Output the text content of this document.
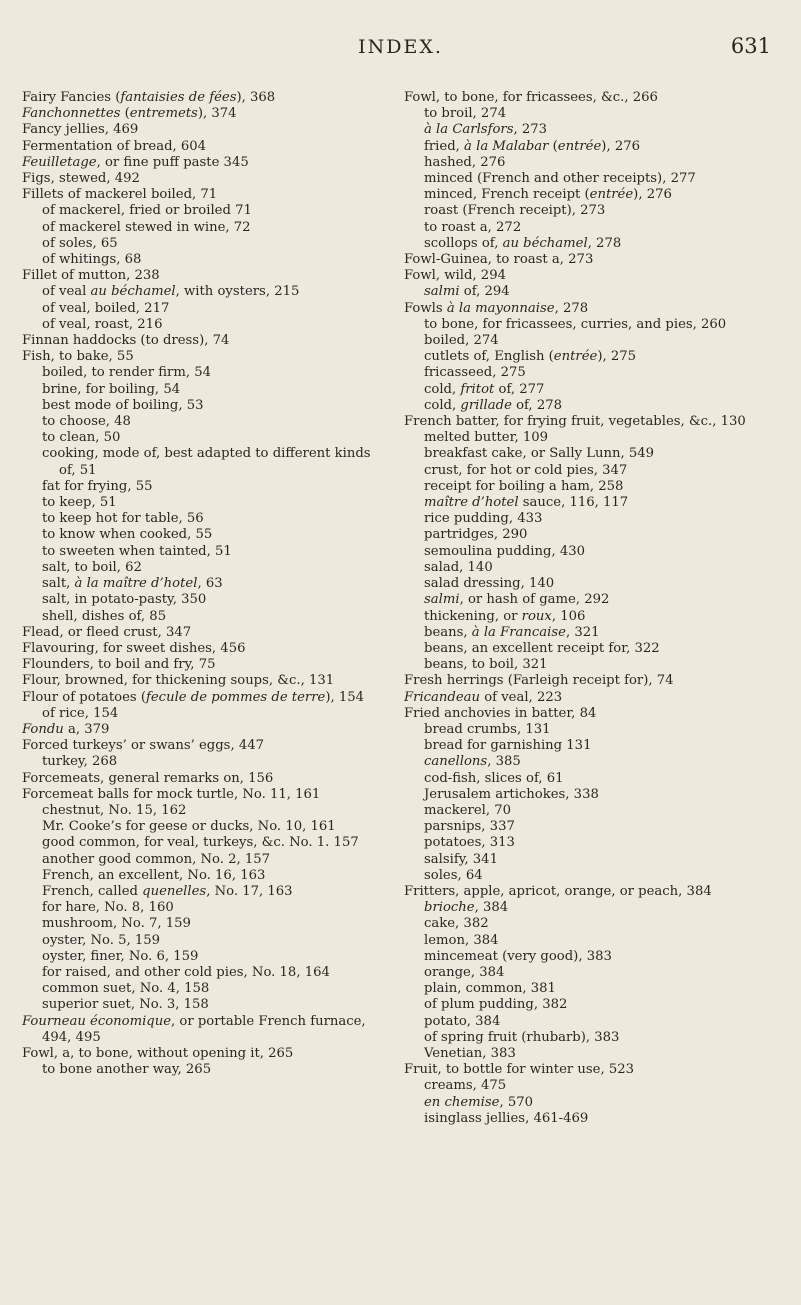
INDEX.	631
Fairy Fancies (fantaisies de fées), 368
Fanchonnettes (entremets), 374
Fancy jellies, 469
Fermentation of bread, 604
Feuilletage, or fine puff paste 345
Figs, stewed, 492
Fillets of mackerel boiled, 71
of mackerel, fried or broiled 71
of mackerel stewed in wine, 72
of soles, 65
of whitings, 68
Fillet of mutton, 238
of veal au béchamel, with oysters, 215
of veal, boiled, 217
of veal, roast, 216
Finnan haddocks (to dress), 74
Fish, to bake, 55
boiled, to render firm, 54
brine, for boiling, 54
best mode of boiling, 53
to choose, 48
to clean, 50
cooking, mode of, best adapted to different kinds of, 51
fat for frying, 55
to keep, 51
to keep hot for table, 56
to know when cooked, 55
to sweeten when tainted, 51
salt, to boil, 62
salt, à la maître d’hotel, 63
salt, in potato-pasty, 350
shell, dishes of, 85
Flead, or fleed crust, 347
Flavouring, for sweet dishes, 456
Flounders, to boil and fry, 75
Flour, browned, for thickening soups, &c., 131
Flour of potatoes (fecule de pommes de terre), 154
of rice, 154
Fondu a, 379
Forced turkeys’ or swans’ eggs, 447
turkey, 268
Forcemeats, general remarks on, 156
Forcemeat balls for mock turtle, No. 11, 161
chestnut, No. 15, 162
Mr. Cooke’s for geese or ducks, No. 10, 161
good common, for veal, turkeys, &c. No. 1. 157
another good common, No. 2, 157
French, an excellent, No. 16, 163
French, called quenelles, No. 17, 163
for hare, No. 8, 160
mushroom, No. 7, 159
oyster, No. 5, 159
oyster, finer, No. 6, 159
for raised, and other cold pies, No. 18, 164
common suet, No. 4, 158
superior suet, No. 3, 158
Fourneau économique, or portable French furnace, 494, 495
Fowl, a, to bone, without opening it, 265
to bone another way, 265
Fowl, to bone, for fricassees, &c., 266
to broil, 274
à la Carlsfors, 273
fried, à la Malabar (entrée), 276
hashed, 276
minced (French and other receipts), 277
minced, French receipt (entrée), 276
roast (French receipt), 273
to roast a, 272
scollops of, au béchamel, 278
Fowl-Guinea, to roast a, 273
Fowl, wild, 294
salmi of, 294
Fowls à la mayonnaise, 278
to bone, for fricassees, curries, and pies, 260
boiled, 274
cutlets of, English (entrée), 275
fricasseed, 275
cold, fritot of, 277
cold, grillade of, 278
French batter, for frying fruit, vegetables, &c., 130
melted butter, 109
breakfast cake, or Sally Lunn, 549
crust, for hot or cold pies, 347
receipt for boiling a ham, 258
maître d’hotel sauce, 116, 117
rice pudding, 433
partridges, 290
semoulina pudding, 430
salad, 140
salad dressing, 140
salmi, or hash of game, 292
thickening, or roux, 106
beans, à la Francaise, 321
beans, an excellent receipt for, 322
beans, to boil, 321
Fresh herrings (Farleigh receipt for), 74
Fricandeau of veal, 223
Fried anchovies in batter, 84
bread crumbs, 131
bread for garnishing 131
canellons, 385
cod-fish, slices of, 61
Jerusalem artichokes, 338
mackerel, 70
parsnips, 337
potatoes, 313
salsify, 341
soles, 64
Fritters, apple, apricot, orange, or peach, 384
brioche, 384
cake, 382
lemon, 384
mincemeat (very good), 383
orange, 384
plain, common, 381
of plum pudding, 382
potato, 384
of spring fruit (rhubarb), 383
Venetian, 383
Fruit, to bottle for winter use, 523
creams, 475
en chemise, 570
isinglass jellies, 461-469
